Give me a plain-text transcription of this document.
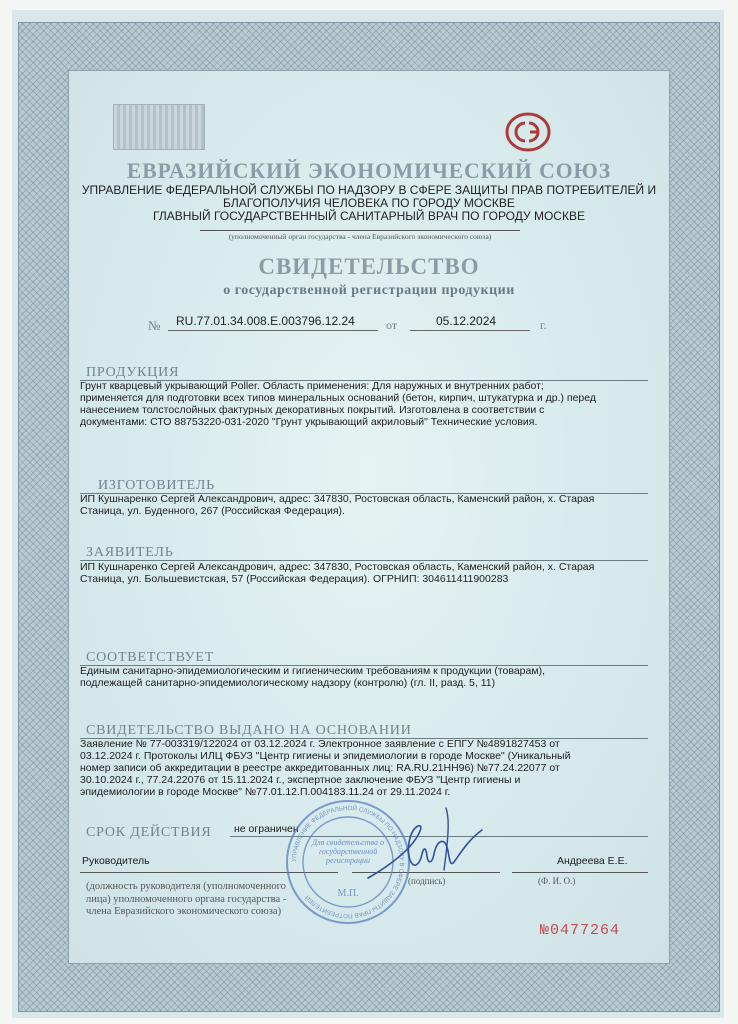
ЕВРАЗИЙСКИЙ ЭКОНОМИЧЕСКИЙ СОЮЗ
УПРАВЛЕНИЕ ФЕДЕРАЛЬНОЙ СЛУЖБЫ ПО НАДЗОРУ В СФЕРЕ ЗАЩИТЫ ПРАВ ПОТРЕБИТЕЛЕЙ И
БЛАГОПОЛУЧИЯ ЧЕЛОВЕКА ПО ГОРОДУ МОСКВЕ
ГЛАВНЫЙ ГОСУДАРСТВЕННЫЙ САНИТАРНЫЙ ВРАЧ ПО ГОРОДУ МОСКВЕ
(уполномоченный орган государства - члена Евразийского экономического союза)
СВИДЕТЕЛЬСТВО
о государственной регистрации продукции
№ RU.77.01.34.008.Е.003796.12.24	от	05.12.2024	г.
ПРОДУКЦИЯ
Грунт кварцевый укрывающий Poller. Область применения: Для наружных и внутренних работ;
применяется для подготовки всех типов минеральных оснований (бетон, кирпич, штукатурка и др.) перед
нанесением толстослойных фактурных декоративных покрытий. Изготовлена в соответствии с
документами: СТО 88753220-031-2020 "Грунт укрывающий акриловый" Технические условия.
ИЗГОТОВИТЕЛЬ
ИП Кушнаренко Сергей Александрович, адрес: 347830, Ростовская область, Каменский район, х. Старая
Станица, ул. Буденного, 267 (Российская Федерация).
ЗАЯВИТЕЛЬ
ИП Кушнаренко Сергей Александрович, адрес: 347830, Ростовская область, Каменский район, х. Старая
Станица, ул. Большевистская, 57 (Российская Федерация). ОГРНИП: 304611411900283
СООТВЕТСТВУЕТ
Единым санитарно-эпидемиологическим и гигиеническим требованиям к продукции (товарам),
подлежащей санитарно-эпидемиологическому надзору (контролю) (гл. II, разд. 5, 11)
СВИДЕТЕЛЬСТВО ВЫДАНО НА ОСНОВАНИИ
Заявление № 77-003319/122024 от 03.12.2024 г. Электронное заявление с ЕПГУ №4891827453 от
03.12.2024 г. Протоколы ИЛЦ ФБУЗ "Центр гигиены и эпидемиологии в городе Москве" (Уникальный
номер записи об аккредитации в реестре аккредитованных лиц: RA.RU.21НН96) №77.24.22077 от
30.10.2024 г., 77.24.22076 от 15.11.2024 г., экспертное заключение ФБУЗ "Центр гигиены и
эпидемиологии в городе Москве" №77.01.12.П.004183.11.24 от 29.11.2024 г.
СРОК ДЕЙСТВИЯ не ограничен
Руководитель	Андреева Е.Е.
(подпись)	(Ф. И. О.)
(должность руководителя (уполномоченного
лица) уполномоченного органа государства -
члена Евразийского экономического союза)
УПРАВЛЕНИЕ ФЕДЕРАЛЬНОЙ СЛУЖБЫ ПО НАДЗОРУ В СФЕРЕ ЗАЩИТЫ ПРАВ ПОТРЕБИТЕЛЕЙ
Для свидетельства о государственной регистрации
М.П.
№0477264
